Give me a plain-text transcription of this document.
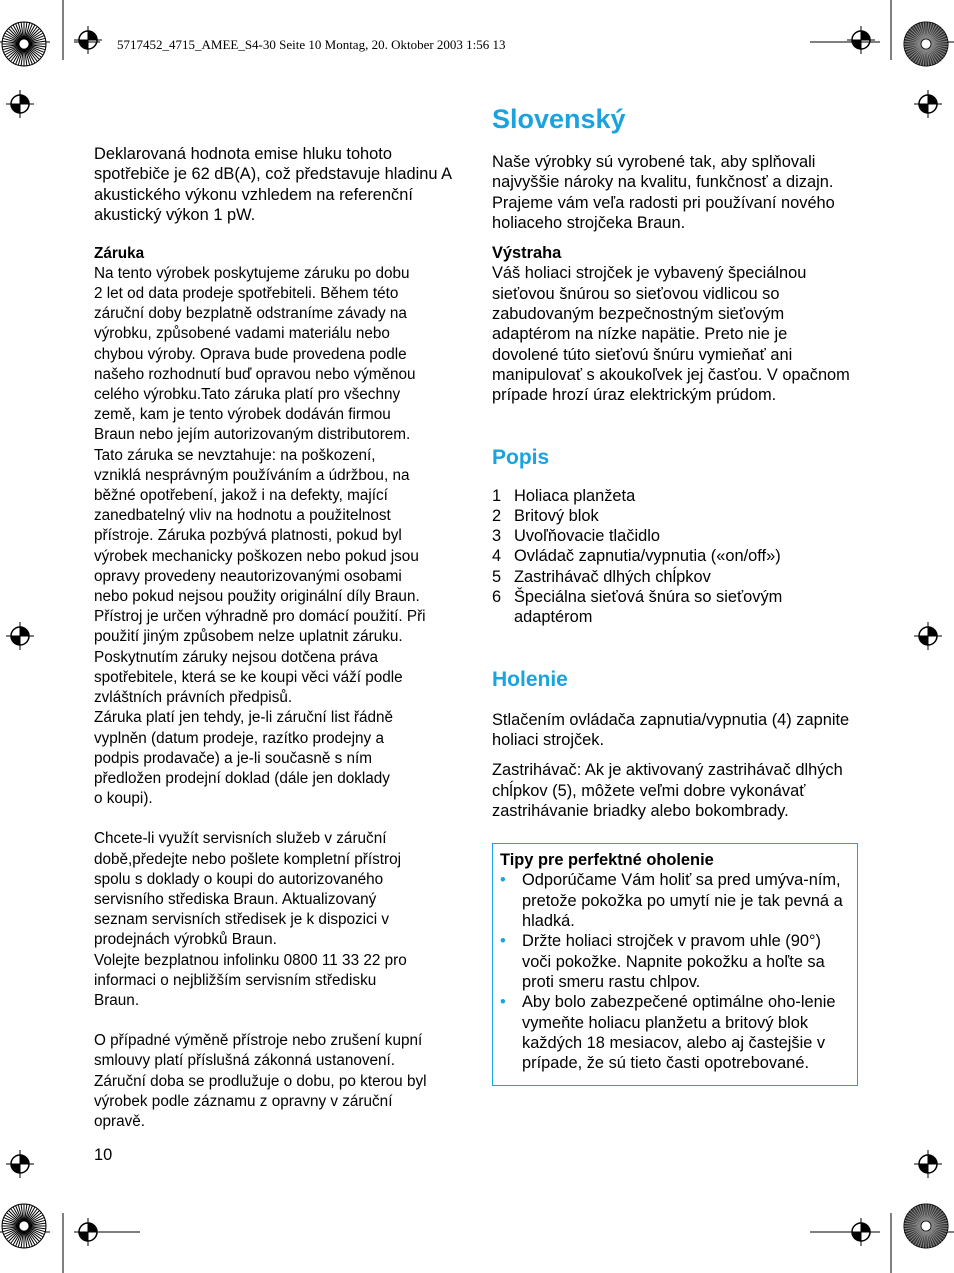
5717452_4715_AMEE_S4-30 Seite 10 Montag, 20. Oktober 2003 1:56 13

Deklarovaná hodnota emise hluku tohoto spotřebiče je 62 dB(A), což představuje hladinu A akustického výkonu vzhledem na referenční akustický výkon 1 pW.

Záruka

Na tento výrobek poskytujeme záruku po dobu
2 let od data prodeje spotřebiteli. Během této
záruční doby bezplatně odstraníme závady na
výrobku, způsobené vadami materiálu nebo
chybou výroby. Oprava bude provedena podle
našeho rozhodnutí buď opravou nebo výměnou
celého výrobku.Tato záruka platí pro všechny
země, kam je tento výrobek dodáván firmou
Braun nebo jejím autorizovaným distributorem.
Tato záruka se nevztahuje: na poškození,
vzniklá nesprávným používáním a údržbou, na
běžné opotřebení, jakož i na defekty, mající
zanedbatelný vliv na hodnotu a použitelnost
přístroje. Záruka pozbývá platnosti, pokud byl
výrobek mechanicky poškozen nebo pokud jsou
opravy provedeny neautorizovanými osobami
nebo pokud nejsou použity originální díly Braun.
Přístroj je určen výhradně pro domácí použití. Při
použití jiným způsobem nelze uplatnit záruku.
Poskytnutím záruky nejsou dotčena práva
spotřebitele, která se ke koupi věci váží podle
zvláštních právních předpisů.
Záruka platí jen tehdy, je-li záruční list řádně
vyplněn (datum prodeje, razítko prodejny a
podpis prodavače) a je-li současně s ním
předložen prodejní doklad (dále jen doklady
o koupi).
Chcete-li využít servisních služeb v záruční
době,předejte nebo pošlete kompletní přístroj
spolu s doklady o koupi do autorizovaného
servisního střediska Braun. Aktualizovaný
seznam servisních středisek je k dispozici v
prodejnách výrobků Braun.
Volejte bezplatnou infolinku 0800 11 33 22 pro
informaci o nejbližším servisním středisku
Braun.
O případné výměně přístroje nebo zrušení kupní
smlouvy platí příslušná zákonná ustanovení.
Záruční doba se prodlužuje o dobu, po kterou byl
výrobek podle záznamu z opravny v záruční
opravě.
Slovenský

Naše výrobky sú vyrobené tak, aby splňovali najvyššie nároky na kvalitu, funkčnosť a dizajn. Prajeme vám veľa radosti pri používaní nového holiaceho strojčeka Braun.

Výstraha

Váš holiaci strojček je vybavený špeciálnou sieťovou šnúrou so sieťovou vidlicou so zabudovaným bezpečnostným sieťovým adaptérom na nízke napätie. Preto nie je dovolené túto sieťovú šnúru vymieňať ani manipulovať s akoukoľvek jej časťou. V opačnom prípade hrozí úraz elektrickým prúdom.

Popis
1 Holiaca planžeta
2 Britový blok
3 Uvoľňovacie tlačidlo
4 Ovládač zapnutia/vypnutia («on/off»)
5 Zastrihávač dlhých chĺpkov
6 Špeciálna sieťová šnúra so sieťovým adaptérom
Holenie

Stlačením ovládača zapnutia/vypnutia (4) zapnite holiaci strojček.

Zastrihávač: Ak je aktivovaný zastrihávač dlhých chĺpkov (5), môžete veľmi dobre vykonávať zastrihávanie briadky alebo bokombrady.

Tipy pre perfektné oholenie

• Odporúčame Vám holiť sa pred umýva-ním, pretože pokožka po umytí nie je tak pevná a hladká.
• Držte holiaci strojček v pravom uhle (90°) voči pokožke. Napnite pokožku a hoľte sa proti smeru rastu chlpov.
• Aby bolo zabezpečené optimálne oho-lenie vymeňte holiacu planžetu a britový blok každých 18 mesiacov, alebo aj častejšie v prípade, že sú tieto časti opotrebované.
10
